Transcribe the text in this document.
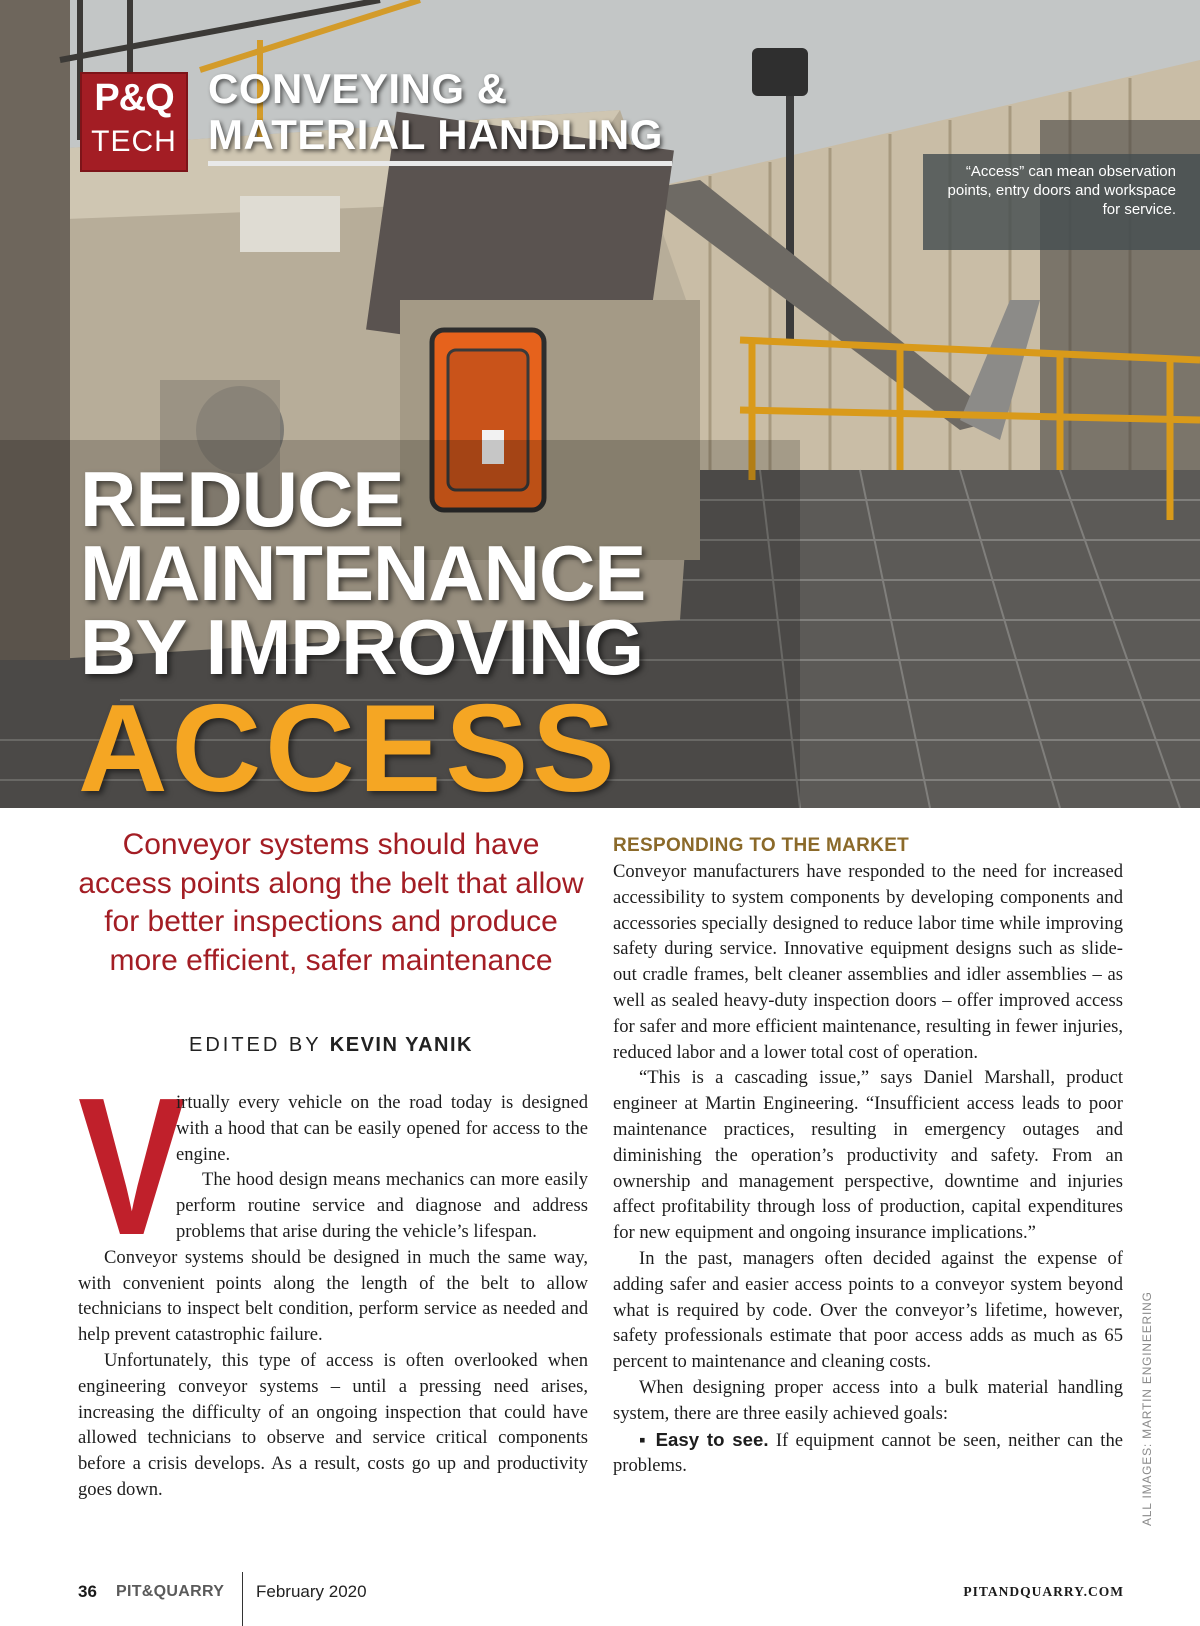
P&Q
TECH
CONVEYING &
MATERIAL HANDLING
“Access” can mean observation points, entry doors and workspace for service.
REDUCE
MAINTENANCE
BY IMPROVING
ACCESS
Conveyor systems should have access points along the belt that allow for better inspections and produce more efficient, safer maintenance
EDITED BY KEVIN YANIK
V

irtually every vehicle on the road today is designed with a hood that can be easily opened for access to the engine.

The hood design means mechanics can more easily perform routine service and diagnose and address problems that arise during the vehicle’s lifespan.

Conveyor systems should be designed in much the same way, with convenient points along the length of the belt to allow technicians to inspect belt condition, perform service as needed and help prevent catastrophic failure.

Unfortunately, this type of access is often overlooked when engineering conveyor systems – until a pressing need arises, increasing the difficulty of an ongoing inspection that could have allowed technicians to observe and service critical components before a crisis develops. As a result, costs go up and productivity goes down.

RESPONDING TO THE MARKET

Conveyor manufacturers have responded to the need for increased accessibility to system components by developing components and accessories specially designed to reduce labor time while improving safety during service. Innovative equipment designs such as slide-out cradle frames, belt cleaner assemblies and idler assemblies – as well as sealed heavy-duty inspection doors – offer improved access for safer and more efficient maintenance, resulting in fewer injuries, reduced labor and a lower total cost of operation.

“This is a cascading issue,” says Daniel Marshall, product engineer at Martin Engineering. “Insufficient access leads to poor maintenance practices, resulting in emergency outages and diminishing the operation’s productivity and safety. From an ownership and management perspective, downtime and injuries affect profitability through loss of production, capital expenditures for new equipment and ongoing insurance implications.”

In the past, managers often decided against the expense of adding safer and easier access points to a conveyor system beyond what is required by code. Over the conveyor’s lifetime, however, safety professionals estimate that poor access adds as much as 65 percent to maintenance and cleaning costs.

When designing proper access into a bulk material handling system, there are three easily achieved goals:

▪ Easy to see. If equipment cannot be seen, neither can the problems.	ALL IMAGES: MARTIN ENGINEERING
36 PIT&QUARRY February 2020	PITANDQUARRY.COM
